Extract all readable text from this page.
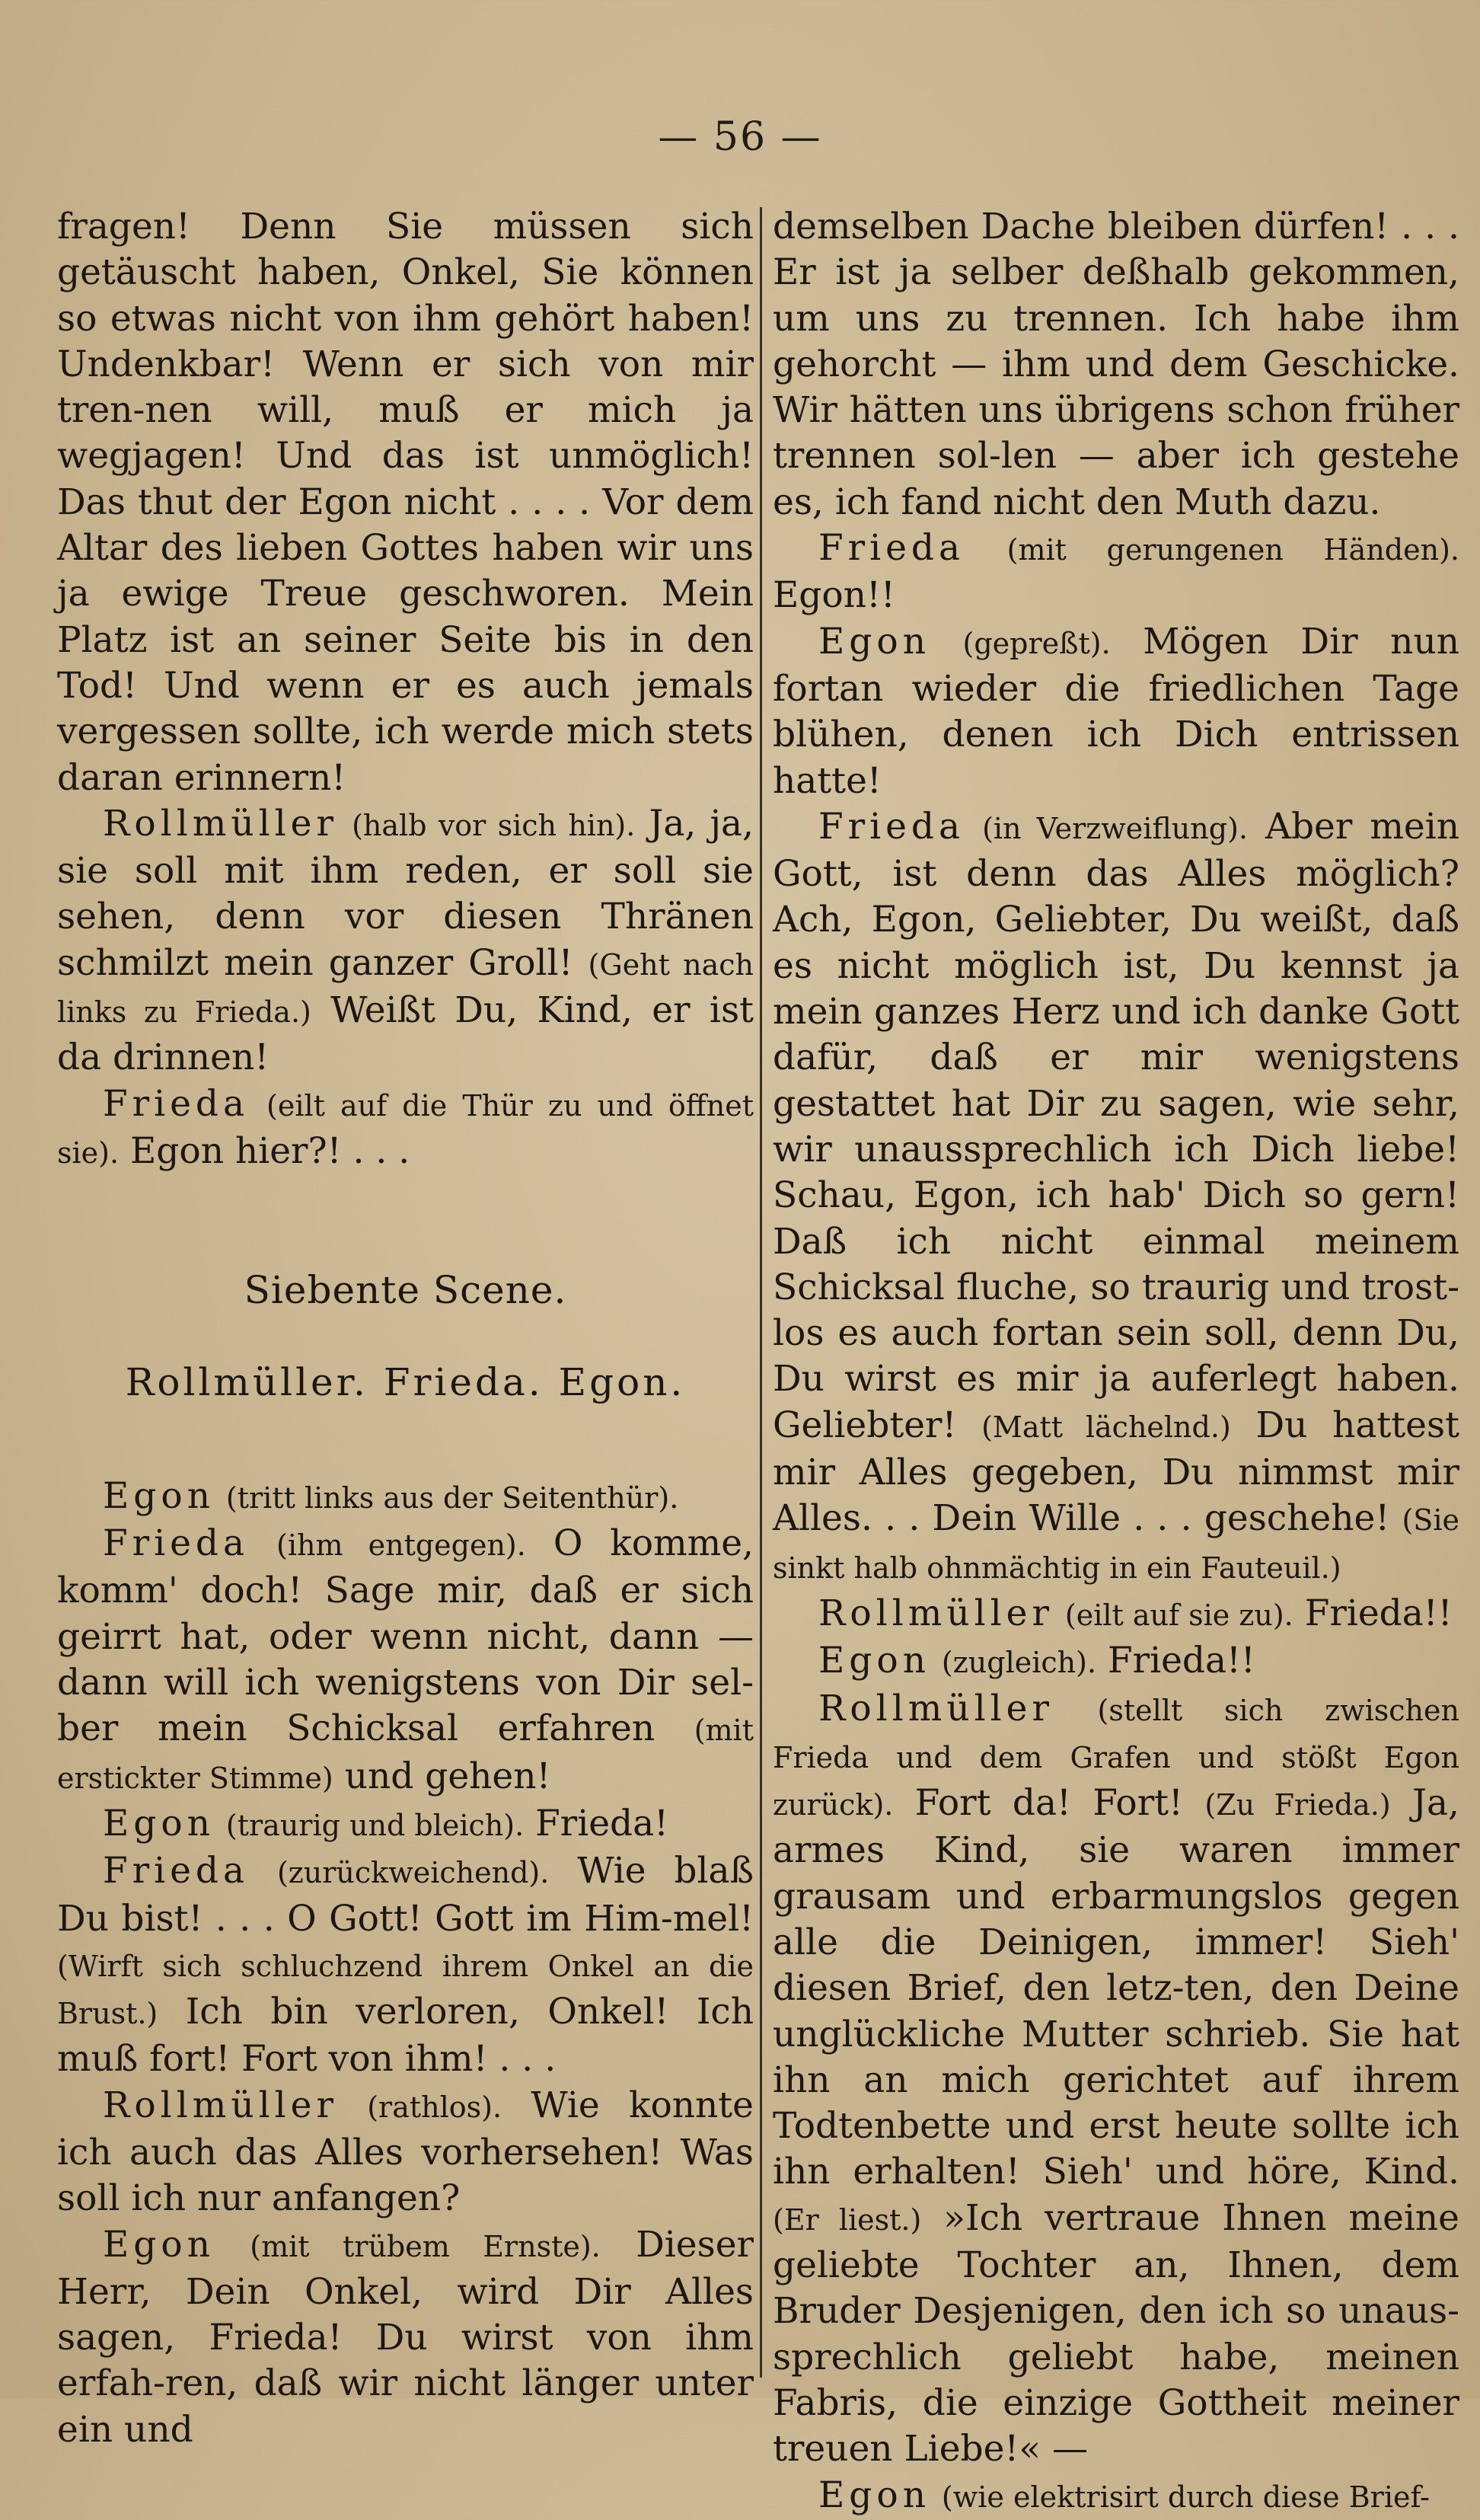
— 56 —

fragen! Denn Sie müssen sich getäuscht haben, Onkel, Sie können so etwas nicht von ihm gehört haben! Undenkbar! Wenn er sich von mir tren-nen will, muß er mich ja wegjagen! Und das ist unmöglich! Das thut der Egon nicht . . . . Vor dem Altar des lieben Gottes haben wir uns ja ewige Treue geschworen. Mein Platz ist an seiner Seite bis in den Tod! Und wenn er es auch jemals vergessen sollte, ich werde mich stets daran erinnern!

Rollmüller (halb vor sich hin). Ja, ja, sie soll mit ihm reden, er soll sie sehen, denn vor diesen Thränen schmilzt mein ganzer Groll! (Geht nach links zu Frieda.) Weißt Du, Kind, er ist da drinnen!

Frieda (eilt auf die Thür zu und öffnet sie). Egon hier?! . . .

Siebente Scene.

Rollmüller. Frieda. Egon.

Egon (tritt links aus der Seitenthür).

Frieda (ihm entgegen). O komme, komm' doch! Sage mir, daß er sich geirrt hat, oder wenn nicht, dann — dann will ich wenigstens von Dir sel-ber mein Schicksal erfahren (mit erstickter Stimme) und gehen!

Egon (traurig und bleich). Frieda!

Frieda (zurückweichend). Wie blaß Du bist! . . . O Gott! Gott im Him-mel! (Wirft sich schluchzend ihrem Onkel an die Brust.) Ich bin verloren, Onkel! Ich muß fort! Fort von ihm! . . .

Rollmüller (rathlos). Wie konnte ich auch das Alles vorhersehen! Was soll ich nur anfangen?

Egon (mit trübem Ernste). Dieser Herr, Dein Onkel, wird Dir Alles sagen, Frieda! Du wirst von ihm erfah-ren, daß wir nicht länger unter ein und

demselben Dache bleiben dürfen! . . . Er ist ja selber deßhalb gekommen, um uns zu trennen. Ich habe ihm gehorcht — ihm und dem Geschicke. Wir hätten uns übrigens schon früher trennen sol-len — aber ich gestehe es, ich fand nicht den Muth dazu.

Frieda (mit gerungenen Händen). Egon!!

Egon (gepreßt). Mögen Dir nun fortan wieder die friedlichen Tage blühen, denen ich Dich entrissen hatte!

Frieda (in Verzweiflung). Aber mein Gott, ist denn das Alles möglich? Ach, Egon, Geliebter, Du weißt, daß es nicht möglich ist, Du kennst ja mein ganzes Herz und ich danke Gott dafür, daß er mir wenigstens gestattet hat Dir zu sagen, wie sehr, wir unaussprechlich ich Dich liebe! Schau, Egon, ich hab' Dich so gern! Daß ich nicht einmal meinem Schicksal fluche, so traurig und trost-los es auch fortan sein soll, denn Du, Du wirst es mir ja auferlegt haben. Geliebter! (Matt lächelnd.) Du hattest mir Alles gegeben, Du nimmst mir Alles. . . Dein Wille . . . geschehe! (Sie sinkt halb ohnmächtig in ein Fauteuil.)

Rollmüller (eilt auf sie zu). Frieda!!

Egon (zugleich). Frieda!!

Rollmüller (stellt sich zwischen Frieda und dem Grafen und stößt Egon zurück). Fort da! Fort! (Zu Frieda.) Ja, armes Kind, sie waren immer grausam und erbarmungslos gegen alle die Deinigen, immer! Sieh' diesen Brief, den letz-ten, den Deine unglückliche Mutter schrieb. Sie hat ihn an mich gerichtet auf ihrem Todtenbette und erst heute sollte ich ihn erhalten! Sieh' und höre, Kind. (Er liest.) »Ich vertraue Ihnen meine geliebte Tochter an, Ihnen, dem Bruder Desjenigen, den ich so unaus-sprechlich geliebt habe, meinen Fabris, die einzige Gottheit meiner treuen Liebe!« —

Egon (wie elektrisirt durch diese Brief-
